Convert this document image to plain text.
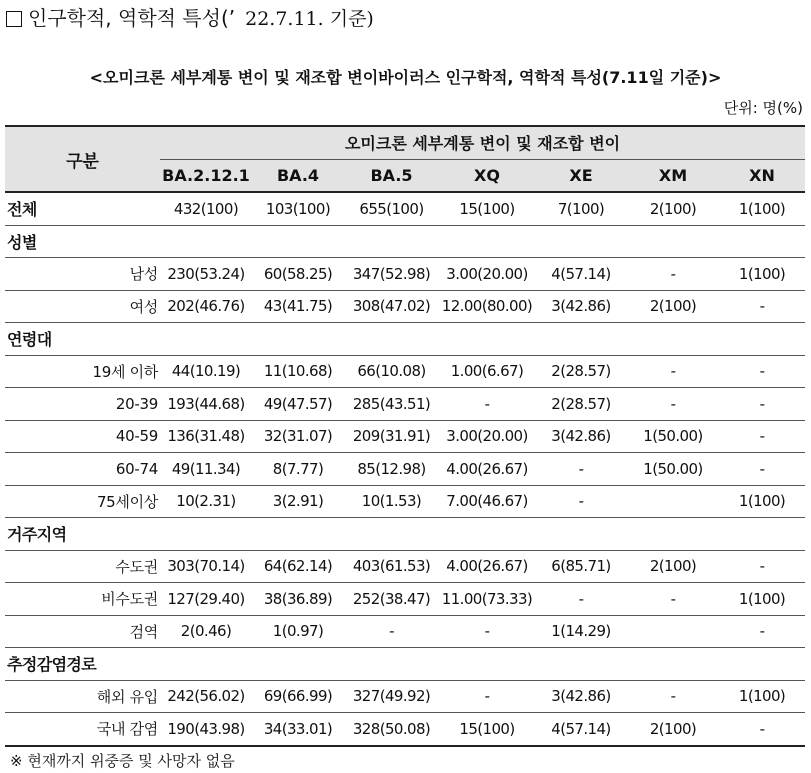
인구학적, 역학적 특성(’ 22.7.11. 기준)
<오미크론 세부계통 변이 및 재조합 변이바이러스 인구학적, 역학적 특성(7.11일 기준)>
단위: 명(%)
구분	오미크론 세부계통 변이 및 재조합 변이						
	BA.2.12.1	BA.4	BA.5	XQ	XE	XM	XN
전체	432(100)	103(100)	655(100)	15(100)	7(100)	2(100)	1(100)
성별							
남성	230(53.24)	60(58.25)	347(52.98)	3.00(20.00)	4(57.14)	-	1(100)
여성	202(46.76)	43(41.75)	308(47.02)	12.00(80.00)	3(42.86)	2(100)	-
연령대							
19세 이하	44(10.19)	11(10.68)	66(10.08)	1.00(6.67)	2(28.57)	-	-
20-39	193(44.68)	49(47.57)	285(43.51)	-	2(28.57)	-	-
40-59	136(31.48)	32(31.07)	209(31.91)	3.00(20.00)	3(42.86)	1(50.00)	-
60-74	49(11.34)	8(7.77)	85(12.98)	4.00(26.67)	-	1(50.00)	-
75세이상	10(2.31)	3(2.91)	10(1.53)	7.00(46.67)	-		1(100)
거주지역							
수도권	303(70.14)	64(62.14)	403(61.53)	4.00(26.67)	6(85.71)	2(100)	-
비수도권	127(29.40)	38(36.89)	252(38.47)	11.00(73.33)	-	-	1(100)
검역	2(0.46)	1(0.97)	-	-	1(14.29)		-
추정감염경로							
해외 유입	242(56.02)	69(66.99)	327(49.92)	-	3(42.86)	-	1(100)
국내 감염	190(43.98)	34(33.01)	328(50.08)	15(100)	4(57.14)	2(100)	-
※ 현재까지 위중증 및 사망자 없음
